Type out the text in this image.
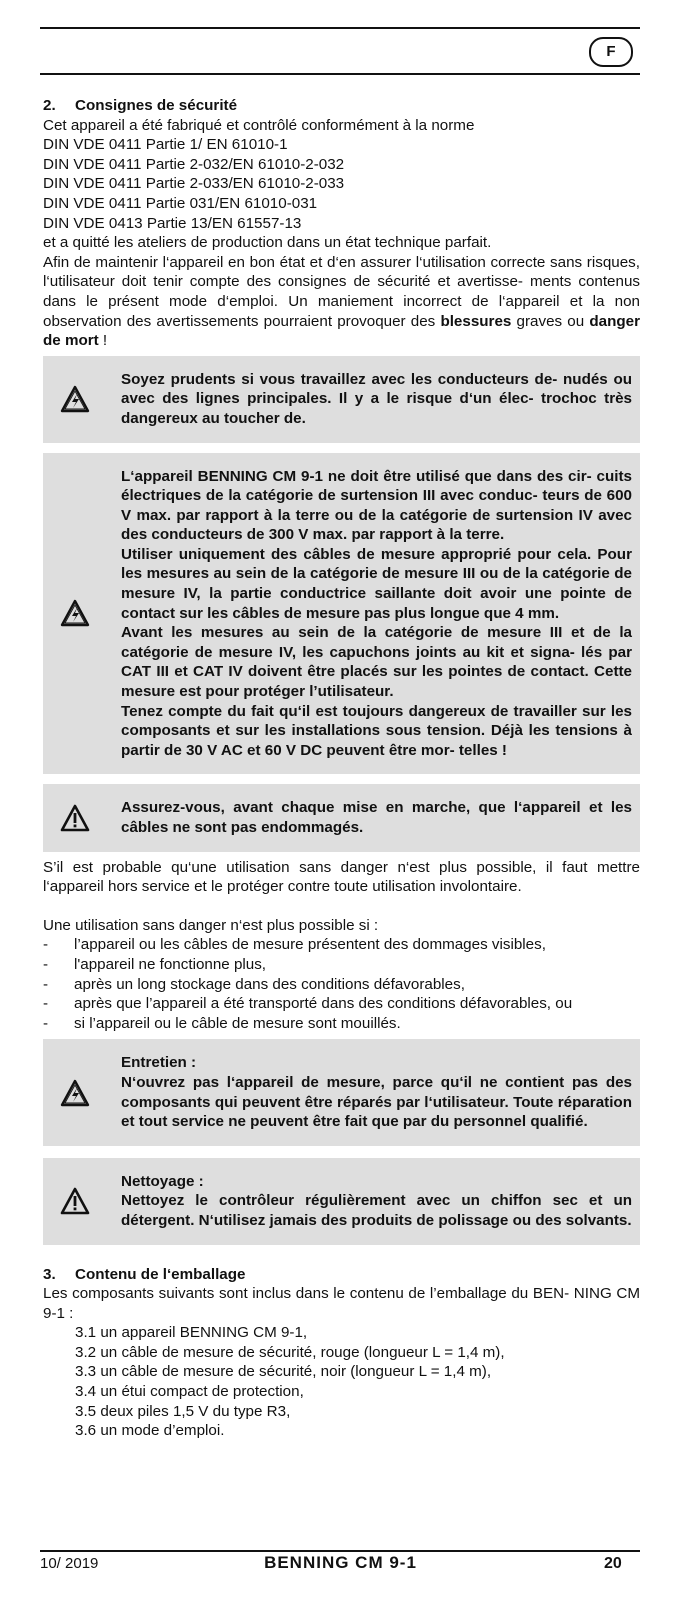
F
2. Consignes de sécurité

Cet appareil a été fabriqué et contrôlé conformément à la norme

DIN VDE 0411 Partie 1/ EN 61010-1

DIN VDE 0411 Partie 2-032/EN 61010-2-032

DIN VDE 0411 Partie 2-033/EN 61010-2-033

DIN VDE 0411 Partie 031/EN 61010-031

DIN VDE 0413 Partie 13/EN 61557-13

et a quitté les ateliers de production dans un état technique parfait.

Afin de maintenir l‘appareil en bon état et d‘en assurer l‘utilisation correcte sans risques, l‘utilisateur doit tenir compte des consignes de sécurité et avertisse- ments contenus dans le présent mode d‘emploi. Un maniement incorrect de l‘appareil et la non observation des avertissements pourraient provoquer des blessures graves ou danger de mort !

Soyez prudents si vous travaillez avec les conducteurs de- nudés ou avec des lignes principales. Il y a le risque d‘un élec- trochoc très dangereux au toucher de.

L‘appareil BENNING CM 9-1 ne doit être utilisé que dans des cir- cuits électriques de la catégorie de surtension III avec conduc- teurs de 600 V max. par rapport à la terre ou de la catégorie de surtension IV avec des conducteurs de 300 V max. par rapport à la terre.

Utiliser uniquement des câbles de mesure approprié pour cela. Pour les mesures au sein de la catégorie de mesure III ou de la catégorie de mesure IV, la partie conductrice saillante doit avoir une pointe de contact sur les câbles de mesure pas plus longue que 4 mm.

Avant les mesures au sein de la catégorie de mesure III et de la catégorie de mesure IV, les capuchons joints au kit et signa- lés par CAT III et CAT IV doivent être placés sur les pointes de contact. Cette mesure est pour protéger l’utilisateur.

Tenez compte du fait qu‘il est toujours dangereux de travailler sur les composants et sur les installations sous tension. Déjà les tensions à partir de 30 V AC et 60 V DC peuvent être mor- telles !

Assurez-vous, avant chaque mise en marche, que l‘appareil et les câbles ne sont pas endommagés.

S’il est probable qu‘une utilisation sans danger n‘est plus possible, il faut mettre l‘appareil hors service et le protéger contre toute utilisation involontaire.

Une utilisation sans danger n‘est plus possible si :

- l’appareil ou les câbles de mesure présentent des dommages visibles,
- l'appareil ne fonctionne plus,
- après un long stockage dans des conditions défavorables,
- après que l’appareil a été transporté dans des conditions défavorables, ou
- si l’appareil ou le câble de mesure sont mouillés.

Entretien :

N‘ouvrez pas l‘appareil de mesure, parce qu‘il ne contient pas des composants qui peuvent être réparés par l‘utilisateur. Toute réparation et tout service ne peuvent être fait que par du personnel qualifié.

Nettoyage :

Nettoyez le contrôleur régulièrement avec un chiffon sec et un détergent. N‘utilisez jamais des produits de polissage ou des solvants.

3. Contenu de l‘emballage

Les composants suivants sont inclus dans le contenu de l’emballage du BEN- NING CM 9-1 :

3.1 un appareil BENNING CM 9-1,
3.2 un câble de mesure de sécurité, rouge (longueur L = 1,4 m),
3.3 un câble de mesure de sécurité, noir (longueur L = 1,4 m),
3.4 un étui compact de protection,
3.5 deux piles 1,5 V du type R3,
3.6 un mode d’emploi.
10/ 2019	BENNING CM 9-1	20
